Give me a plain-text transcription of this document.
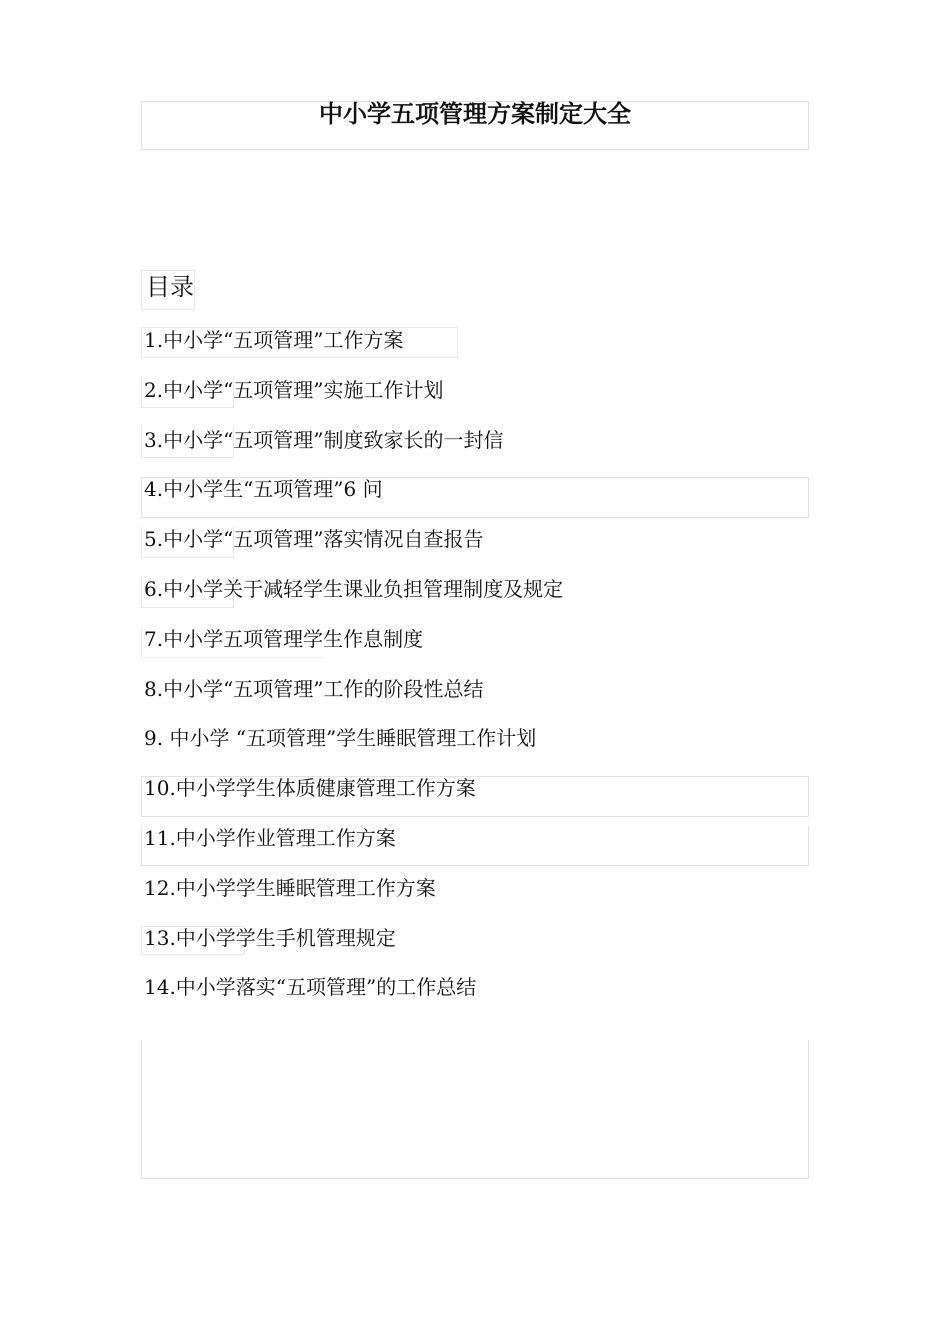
中小学五项管理方案制定大全
目录
1.中小学“五项管理”工作方案
2.中小学“五项管理”实施工作计划
3.中小学“五项管理”制度致家长的一封信
4.中小学生“五项管理”6 问
5.中小学“五项管理”落实情况自查报告
6.中小学关于减轻学生课业负担管理制度及规定
7.中小学五项管理学生作息制度
8.中小学“五项管理”工作的阶段性总结
9. 中小学 “五项管理”学生睡眠管理工作计划
10.中小学学生体质健康管理工作方案
11.中小学作业管理工作方案
12.中小学学生睡眠管理工作方案
13.中小学学生手机管理规定
14.中小学落实“五项管理”的工作总结
